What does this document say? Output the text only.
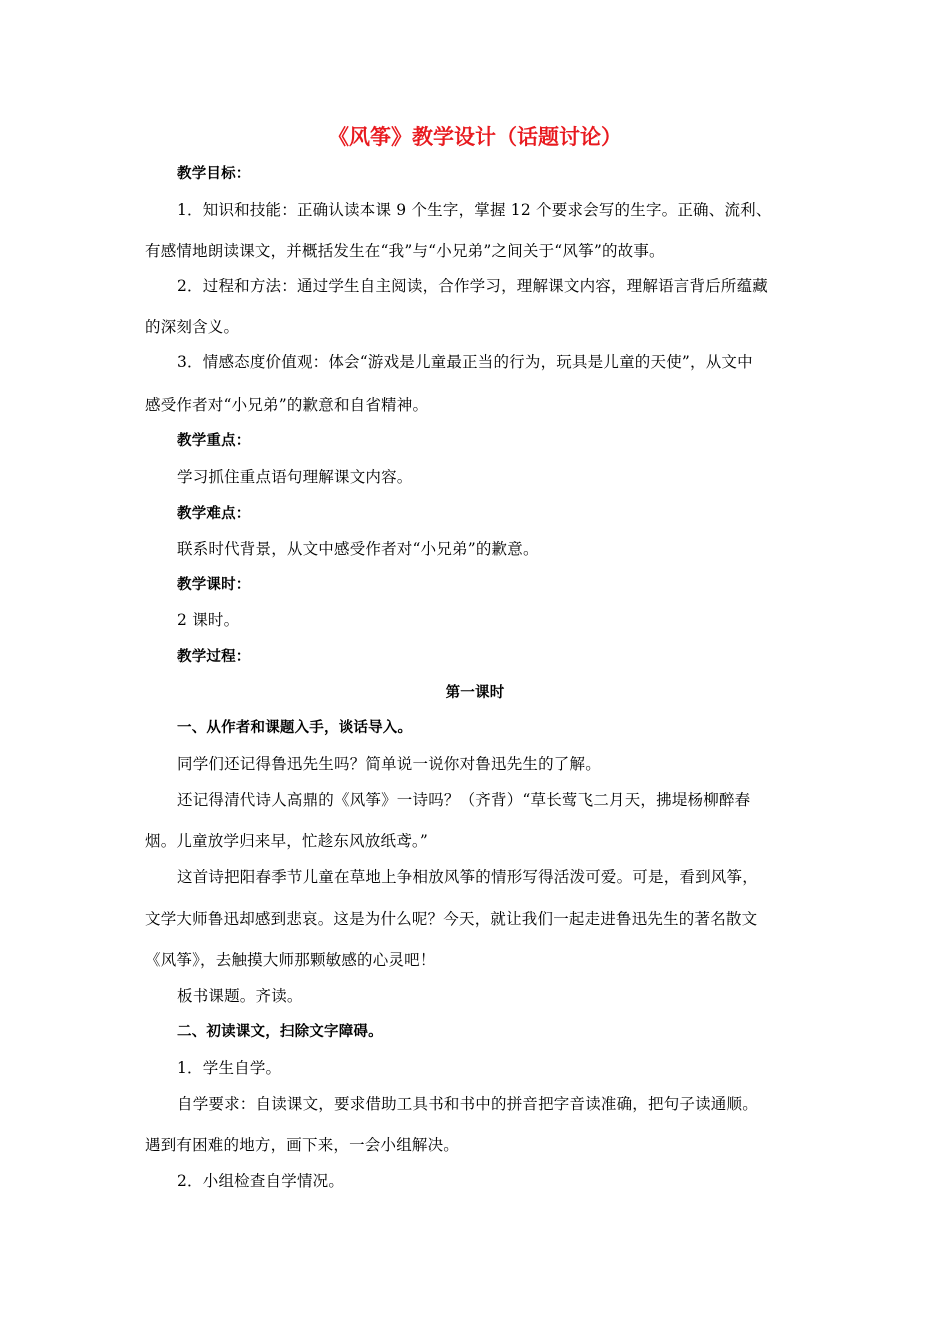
《风筝》教学设计（话题讨论）
教学目标：
1．知识和技能：正确认读本课 9 个生字，掌握 12 个要求会写的生字。正确、流利、
有感情地朗读课文，并概括发生在“我”与“小兄弟”之间关于“风筝”的故事。
2．过程和方法：通过学生自主阅读，合作学习，理解课文内容，理解语言背后所蕴藏
的深刻含义。
3．情感态度价值观：体会“游戏是儿童最正当的行为，玩具是儿童的天使”，从文中
感受作者对“小兄弟”的歉意和自省精神。
教学重点：
学习抓住重点语句理解课文内容。
教学难点：
联系时代背景，从文中感受作者对“小兄弟”的歉意。
教学课时：
2 课时。
教学过程：
第一课时
一、从作者和课题入手，谈话导入。
同学们还记得鲁迅先生吗？简单说一说你对鲁迅先生的了解。
还记得清代诗人高鼎的《风筝》一诗吗？（齐背）“草长莺飞二月天，拂堤杨柳醉春
烟。儿童放学归来早，忙趁东风放纸鸢。”
这首诗把阳春季节儿童在草地上争相放风筝的情形写得活泼可爱。可是，看到风筝，
文学大师鲁迅却感到悲哀。这是为什么呢？今天，就让我们一起走进鲁迅先生的著名散文
《风筝》，去触摸大师那颗敏感的心灵吧！
板书课题。齐读。
二、初读课文，扫除文字障碍。
1．学生自学。
自学要求：自读课文，要求借助工具书和书中的拼音把字音读准确，把句子读通顺。
遇到有困难的地方，画下来，一会小组解决。
2．小组检查自学情况。
